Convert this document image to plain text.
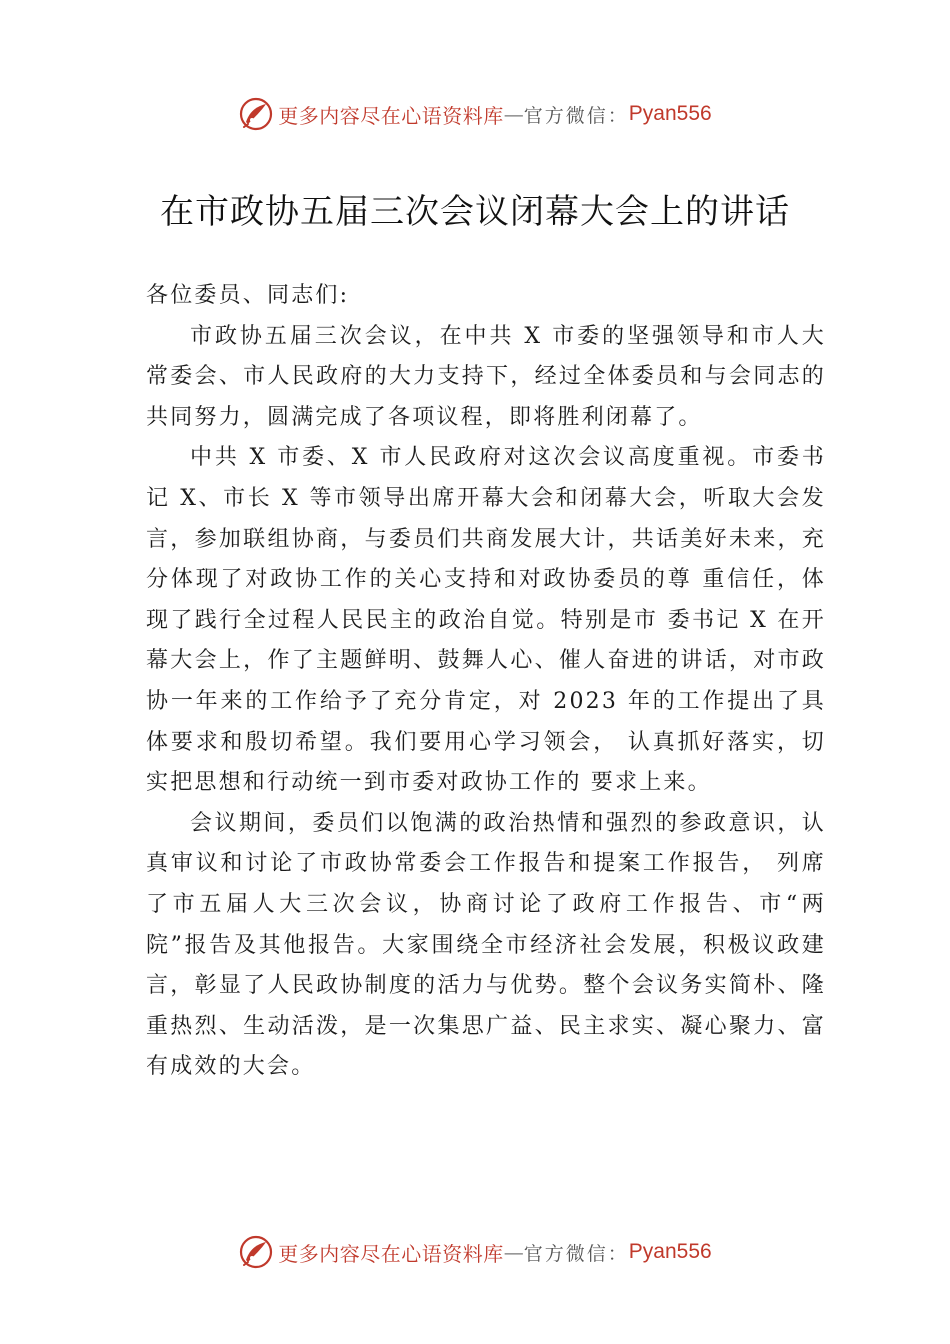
更多内容尽在心语资料库 — 官方微信： Pyan556
在市政协五届三次会议闭幕大会上的讲话

各位委员、同志们:

市政协五届三次会议，在中共 X 市委的坚强领导和市人大常委会、市人民政府的大力支持下，经过全体委员和与会同志的共同努力，圆满完成了各项议程，即将胜利闭幕了。

中共 X 市委、X 市人民政府对这次会议高度重视。市委书记 X、市长 X 等市领导出席开幕大会和闭幕大会，听取大会发言，参加联组协商，与委员们共商发展大计，共话美好未来，充分体现了对政协工作的关心支持和对政协委员的尊 重信任，体现了践行全过程人民民主的政治自觉。特别是市 委书记 X 在开幕大会上，作了主题鲜明、鼓舞人心、催人奋进的讲话，对市政协一年来的工作给予了充分肯定，对 2023 年的工作提出了具体要求和殷切希望。我们要用心学习领会， 认真抓好落实，切实把思想和行动统一到市委对政协工作的 要求上来。

会议期间，委员们以饱满的政治热情和强烈的参政意识，认真审议和讨论了市政协常委会工作报告和提案工作报告， 列席了市五届人大三次会议，协商讨论了政府工作报告、市“两院”报告及其他报告。大家围绕全市经济社会发展，积极议政建言，彰显了人民政协制度的活力与优势。整个会议务实简朴、隆重热烈、生动活泼，是一次集思广益、民主求实、凝心聚力、富有成效的大会。

更多内容尽在心语资料库 — 官方微信： Pyan556
